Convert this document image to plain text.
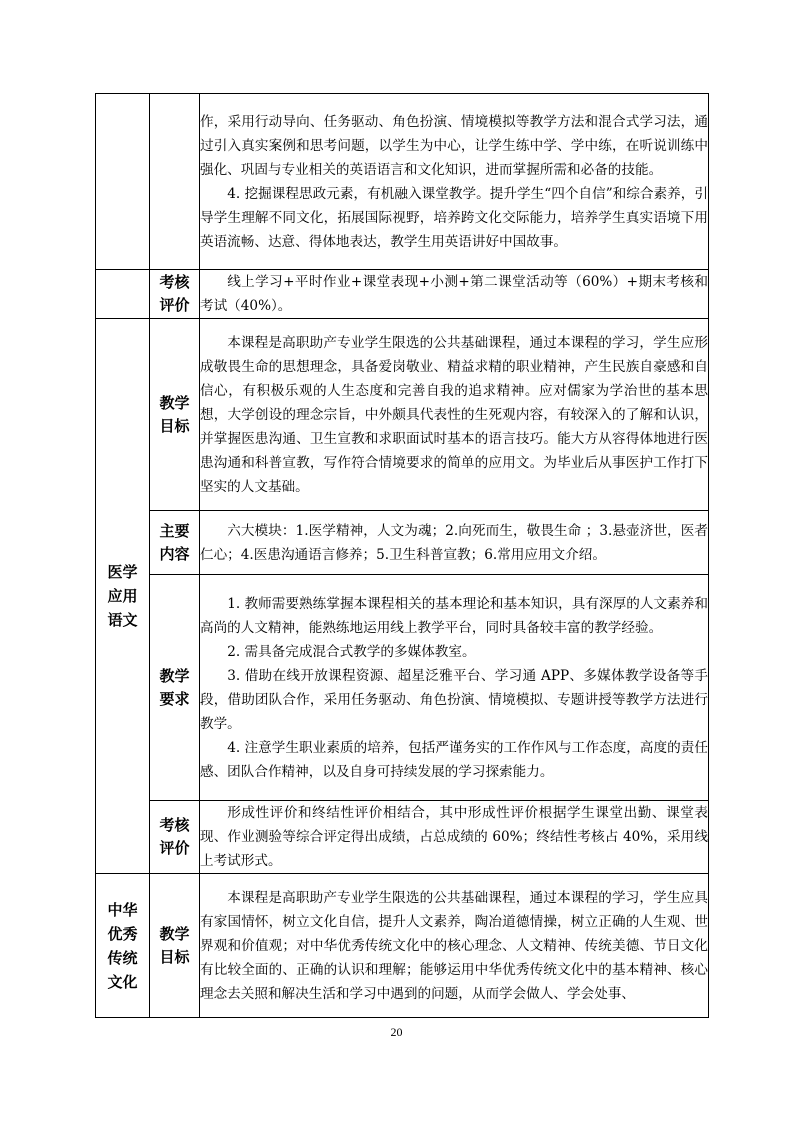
		作，采用行动导向、任务驱动、角色扮演、情境模拟等教学方法和混合式学习法，通过引入真实案例和思考问题，以学生为中心，让学生练中学、学中练，在听说训练中强化、巩固与专业相关的英语语言和文化知识，进而掌握所需和必备的技能。

4. 挖掘课程思政元素，有机融入课堂教学。提升学生“四个自信”和综合素养，引导学生理解不同文化，拓展国际视野，培养跨文化交际能力，培养学生真实语境下用英语流畅、达意、得体地表达，教学生用英语讲好中国故事。

	考核评价	线上学习+平时作业+课堂表现+小测+第二课堂活动等（60%）+期末考核和考试（40%）。

医学应用语文	教学目标	本课程是高职助产专业学生限选的公共基础课程，通过本课程的学习，学生应形成敬畏生命的思想理念，具备爱岗敬业、精益求精的职业精神，产生民族自豪感和自信心，有积极乐观的人生态度和完善自我的追求精神。应对儒家为学治世的基本思想，大学创设的理念宗旨，中外颇具代表性的生死观内容，有较深入的了解和认识，并掌握医患沟通、卫生宣教和求职面试时基本的语言技巧。能大方从容得体地进行医患沟通和科普宣教，写作符合情境要求的简单的应用文。为毕业后从事医护工作打下坚实的人文基础。

	主要内容	六大模块：1.医学精神，人文为魂；2.向死而生，敬畏生命 ；3.悬壶济世，医者仁心；4.医患沟通语言修养；5.卫生科普宣教；6.常用应用文介绍。

	教学要求	1. 教师需要熟练掌握本课程相关的基本理论和基本知识，具有深厚的人文素养和高尚的人文精神，能熟练地运用线上教学平台，同时具备较丰富的教学经验。

2. 需具备完成混合式教学的多媒体教室。

3. 借助在线开放课程资源、超星泛雅平台、学习通 APP、多媒体教学设备等手段，借助团队合作，采用任务驱动、角色扮演、情境模拟、专题讲授等教学方法进行教学。

4. 注意学生职业素质的培养，包括严谨务实的工作作风与工作态度，高度的责任感、团队合作精神，以及自身可持续发展的学习探索能力。

	考核评价	形成性评价和终结性评价相结合，其中形成性评价根据学生课堂出勤、课堂表现、作业测验等综合评定得出成绩，占总成绩的 60%；终结性考核占 40%，采用线上考试形式。

中华优秀传统文化	教学目标	本课程是高职助产专业学生限选的公共基础课程，通过本课程的学习，学生应具有家国情怀，树立文化自信，提升人文素养，陶冶道德情操，树立正确的人生观、世界观和价值观；对中华优秀传统文化中的核心理念、人文精神、传统美德、节日文化有比较全面的、正确的认识和理解；能够运用中华优秀传统文化中的基本精神、核心理念去关照和解决生活和学习中遇到的问题，从而学会做人、学会处事、

20
